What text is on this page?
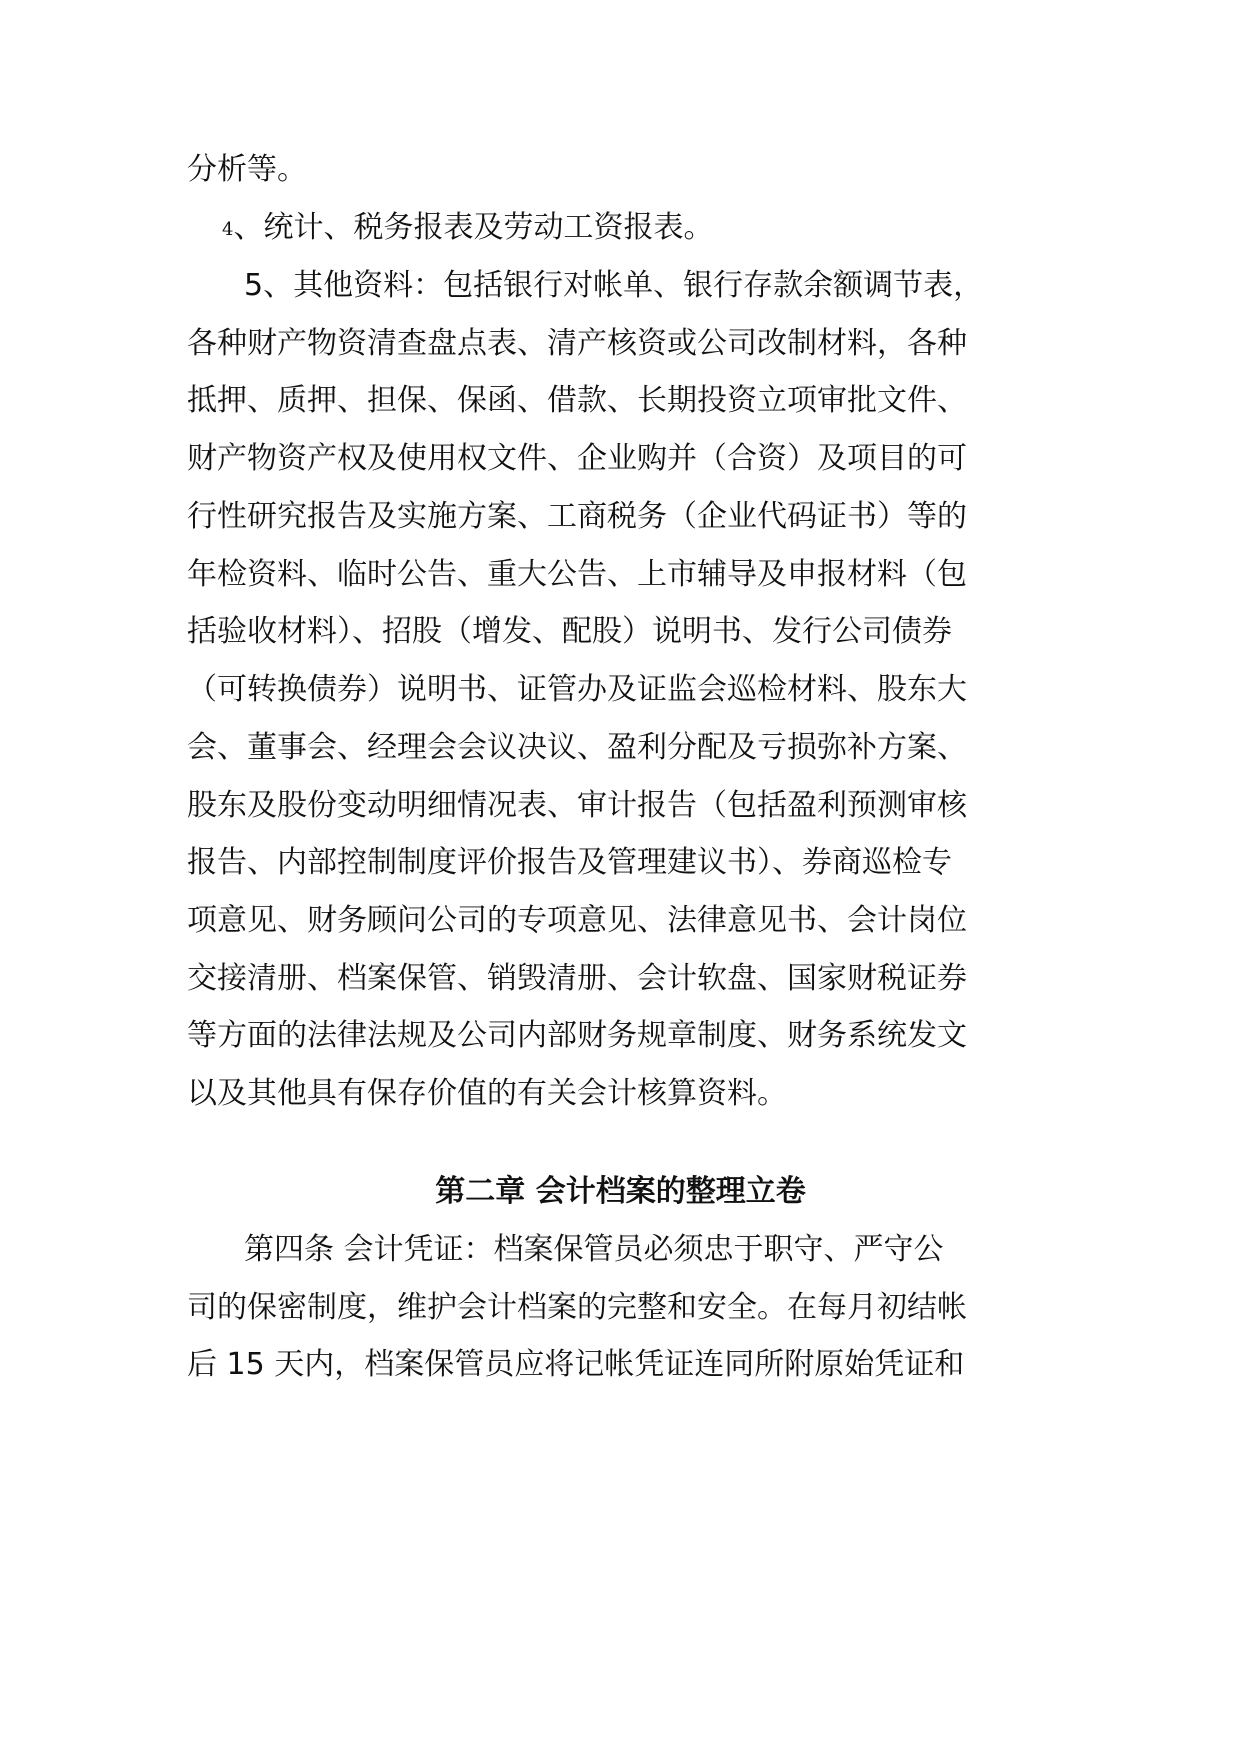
分析等。
4、统计、税务报表及劳动工资报表。
5、其他资料：包括银行对帐单、银行存款余额调节表，
各种财产物资清查盘点表、清产核资或公司改制材料，各种
抵押、质押、担保、保函、借款、长期投资立项审批文件、
财产物资产权及使用权文件、企业购并（合资）及项目的可
行性研究报告及实施方案、工商税务（企业代码证书）等的
年检资料、临时公告、重大公告、上市辅导及申报材料（包
括验收材料）、招股（增发、配股）说明书、发行公司债券
（可转换债券）说明书、证管办及证监会巡检材料、股东大
会、董事会、经理会会议决议、盈利分配及亏损弥补方案、
股东及股份变动明细情况表、审计报告（包括盈利预测审核
报告、内部控制制度评价报告及管理建议书）、券商巡检专
项意见、财务顾问公司的专项意见、法律意见书、会计岗位
交接清册、档案保管、销毁清册、会计软盘、国家财税证券
等方面的法律法规及公司内部财务规章制度、财务系统发文
以及其他具有保存价值的有关会计核算资料。
第二章 会计档案的整理立卷
第四条 会计凭证：档案保管员必须忠于职守、严守公
司的保密制度，维护会计档案的完整和安全。在每月初结帐
后 15 天内，档案保管员应将记帐凭证连同所附原始凭证和
